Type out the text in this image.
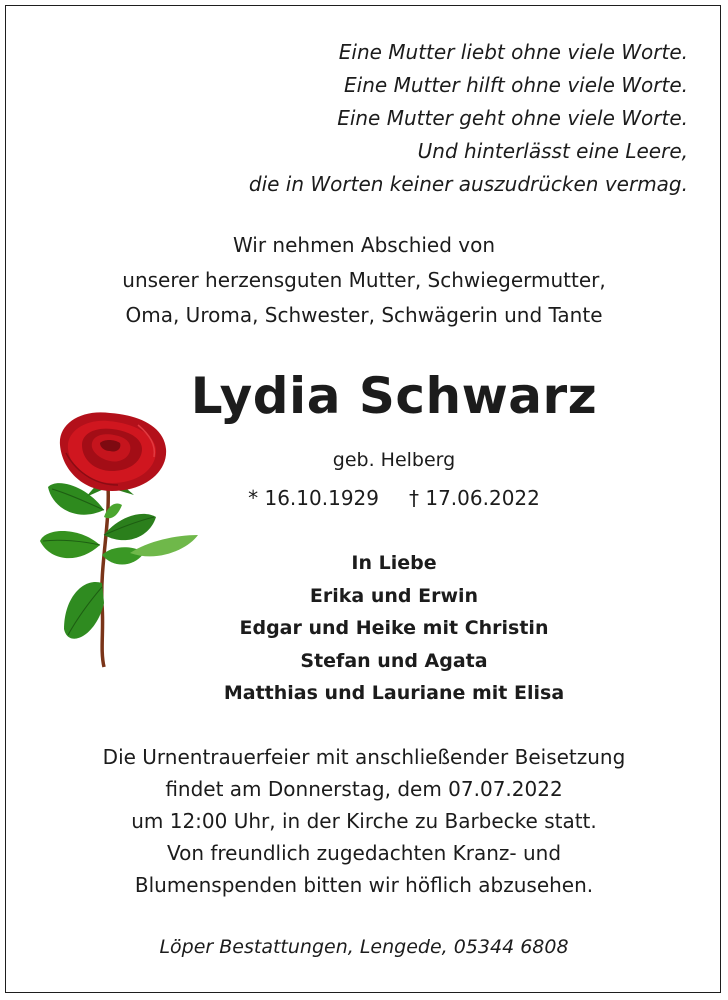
Eine Mutter liebt ohne viele Worte.
Eine Mutter hilft ohne viele Worte.
Eine Mutter geht ohne viele Worte.
Und hinterlässt eine Leere,
die in Worten keiner auszudrücken vermag.
Wir nehmen Abschied von
unserer herzensguten Mutter, Schwiegermutter,
Oma, Uroma, Schwester, Schwägerin und Tante
Lydia Schwarz
geb. Helberg
* 16.10.1929 † 17.06.2022
In Liebe
Erika und Erwin
Edgar und Heike mit Christin
Stefan und Agata
Matthias und Lauriane mit Elisa
Die Urnentrauerfeier mit anschließender Beisetzung
findet am Donnerstag, dem 07.07.2022
um 12:00 Uhr, in der Kirche zu Barbecke statt.
Von freundlich zugedachten Kranz- und
Blumenspenden bitten wir höflich abzusehen.
Löper Bestattungen, Lengede, 05344 6808
